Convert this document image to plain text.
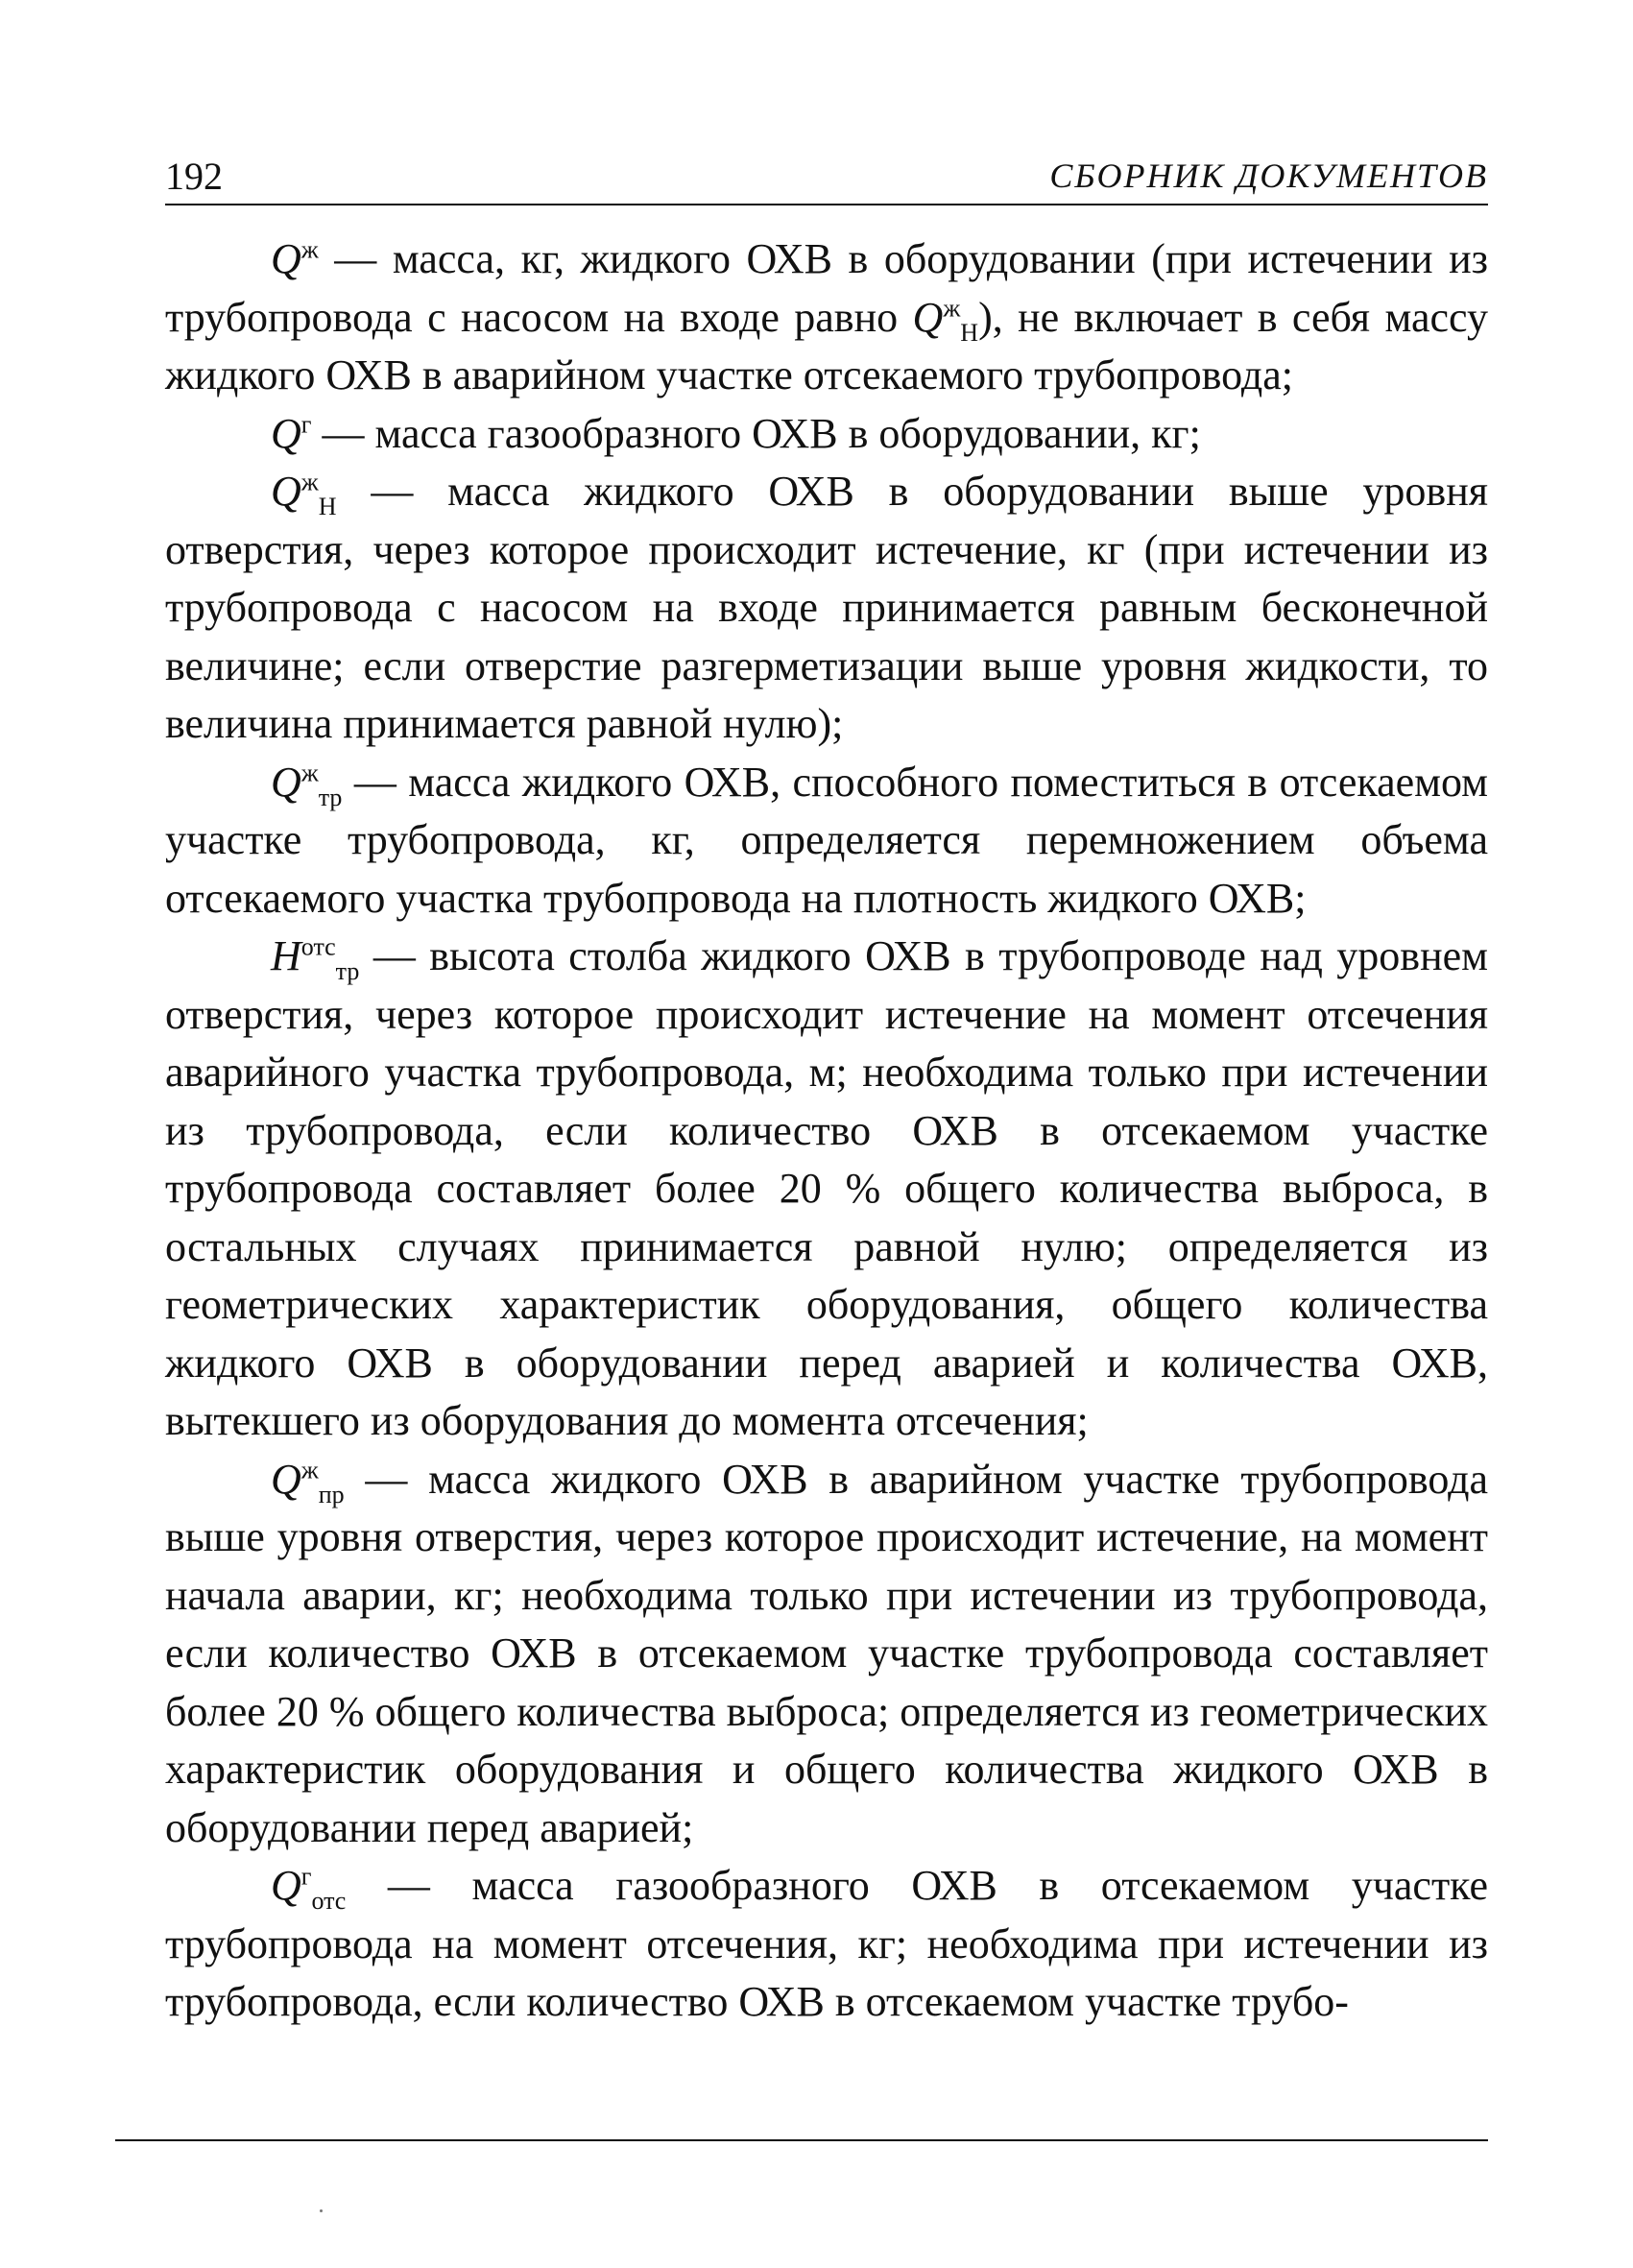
192	СБОРНИК ДОКУМЕНТОВ

$Q^ж$ — масса, кг, жидкого ОХВ в оборудовании (при истечении из трубопровода с насосом на входе равно $Q^ж_Н$), не включает в себя массу жидкого ОХВ в аварийном участке отсекаемого трубопровода;

$Q^г$ — масса газообразного ОХВ в оборудовании, кг;

$Q^ж_Н$ — масса жидкого ОХВ в оборудовании выше уровня отверстия, через которое происходит истечение, кг (при истечении из трубопровода с насосом на входе принимается равным бесконечной величине; если отверстие разгерметизации выше уровня жидкости, то величина принимается равной нулю);

$Q^ж_{тр}$ — масса жидкого ОХВ, способного поместиться в отсекаемом участке трубопровода, кг, определяется перемножением объема отсекаемого участка трубопровода на плотность жидкого ОХВ;

$H^{отс}_{тр}$ — высота столба жидкого ОХВ в трубопроводе над уровнем отверстия, через которое происходит истечение на момент отсечения аварийного участка трубопровода, м; необходима только при истечении из трубопровода, если количество ОХВ в отсекаемом участке трубопровода составляет более 20 % общего количества выброса, в остальных случаях принимается равной нулю; определяется из геометрических характеристик оборудования, общего количества жидкого ОХВ в оборудовании перед аварией и количества ОХВ, вытекшего из оборудования до момента отсечения;

$Q^ж_{пр}$ — масса жидкого ОХВ в аварийном участке трубопровода выше уровня отверстия, через которое происходит истечение, на момент начала аварии, кг; необходима только при истечении из трубопровода, если количество ОХВ в отсекаемом участке трубопровода составляет более 20 % общего количества выброса; определяется из геометрических характеристик оборудования и общего количества жидкого ОХВ в оборудовании перед аварией;

$Q^г_{отс}$ — масса газообразного ОХВ в отсекаемом участке трубопровода на момент отсечения, кг; необходима при истечении из трубопровода, если количество ОХВ в отсекаемом участке трубо-
